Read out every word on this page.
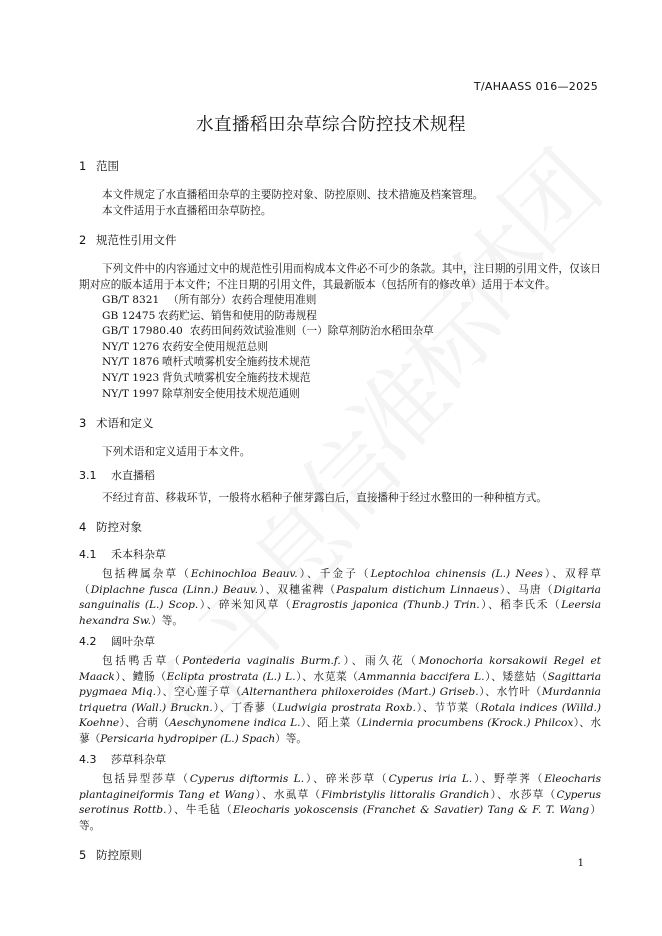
T/AHAASS 016—2025
水直播稻田杂草综合防控技术规程
1 范围

本文件规定了水直播稻田杂草的主要防控对象、防控原则、技术措施及档案管理。

本文件适用于水直播稻田杂草防控。

2 规范性引用文件

下列文件中的内容通过文中的规范性引用而构成本文件必不可少的条款。其中，注日期的引用文件，仅该日期对应的版本适用于本文件；不注日期的引用文件，其最新版本（包括所有的修改单）适用于本文件。

GB/T 8321 （所有部分）农药合理使用准则
GB 12475 农药贮运、销售和使用的防毒规程
GB/T 17980.40 农药田间药效试验准则（一）除草剂防治水稻田杂草
NY/T 1276 农药安全使用规范总则
NY/T 1876 喷杆式喷雾机安全施药技术规范
NY/T 1923 背负式喷雾机安全施药技术规范
NY/T 1997 除草剂安全使用技术规范通则
3 术语和定义

下列术语和定义适用于本文件。

3.1 水直播稻

不经过育苗、移栽环节，一般将水稻种子催芽露白后，直接播种于经过水整田的一种种植方式。

4 防控对象
4.1 禾本科杂草

包括稗属杂草（Echinochloa Beauv.）、千金子（Leptochloa chinensis (L.) Nees）、双稃草（Diplachne fusca (Linn.) Beauv.）、双穗雀稗（Paspalum distichum Linnaeus）、马唐（Digitaria sanguinalis (L.) Scop.）、碎米知风草（Eragrostis japonica (Thunb.) Trin.）、稻李氏禾（Leersia hexandra Sw.）等。

4.2 阔叶杂草

包括鸭舌草（Pontederia vaginalis Burm.f.）、雨久花（Monochoria korsakowii Regel et Maack）、鳢肠（Eclipta prostrata (L.) L.）、水苋菜（Ammannia baccifera L.）、矮慈姑（Sagittaria pygmaea Miq.）、空心莲子草（Alternanthera philoxeroides (Mart.) Griseb.）、水竹叶（Murdannia triquetra (Wall.) Bruckn.）、丁香蓼（Ludwigia prostrata Roxb.）、节节菜（Rotala indices (Willd.) Koehne）、合萌（Aeschynomene indica L.）、陌上菜（Lindernia procumbens (Krock.) Philcox）、水蓼（Persicaria hydropiper (L.) Spach）等。

4.3 莎草科杂草

包括异型莎草（Cyperus diftormis L.）、碎米莎草（Cyperus iria L.）、野荸荠（Eleocharis plantagineiformis Tang et Wang）、水虱草（Fimbristylis littoralis Grandich）、水莎草（Cyperus serotinus Rottb.）、牛毛毡（Eleocharis yokoscensis (Franchet & Savatier) Tang & F. T. Wang）等。

5 防控原则
1
